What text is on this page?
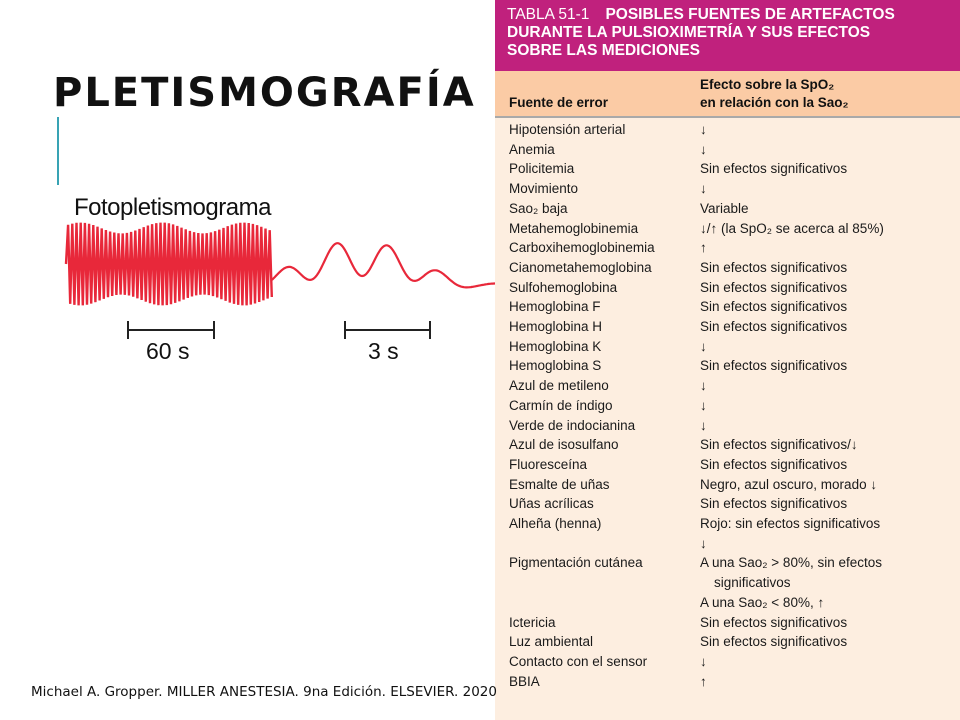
PLETISMOGRAFÍA
Fotopletismograma
60 s	3 s
TABLA 51-1 POSIBLES FUENTES DE ARTEFACTOS
DURANTE LA PULSIOXIMETRÍA Y SUS EFECTOS
SOBRE LAS MEDICIONES
Fuente de error
Efecto sobre la SpO₂
en relación con la Sao₂
Hipotensión arterial	↓
Anemia	↓
Policitemia	Sin efectos significativos
Movimiento	↓
Sao₂ baja	Variable
Metahemoglobinemia	↓/↑ (la SpO₂ se acerca al 85%)
Carboxihemoglobinemia	↑
Cianometahemoglobina	Sin efectos significativos
Sulfohemoglobina	Sin efectos significativos
Hemoglobina F	Sin efectos significativos
Hemoglobina H	Sin efectos significativos
Hemoglobina K	↓
Hemoglobina S	Sin efectos significativos
Azul de metileno	↓
Carmín de índigo	↓
Verde de indocianina	↓
Azul de isosulfano	Sin efectos significativos/↓
Fluoresceína	Sin efectos significativos
Esmalte de uñas	Negro, azul oscuro, morado ↓
Uñas acrílicas	Sin efectos significativos
Alheña (henna)	Rojo: sin efectos significativos
↓
Pigmentación cutánea	A una Sao₂ > 80%, sin efectos
significativos
A una Sao₂ < 80%, ↑
Ictericia	Sin efectos significativos
Luz ambiental	Sin efectos significativos
Contacto con el sensor	↓
BBIA	↑
Michael A. Gropper. MILLER ANESTESIA. 9na Edición. ELSEVIER. 2020
